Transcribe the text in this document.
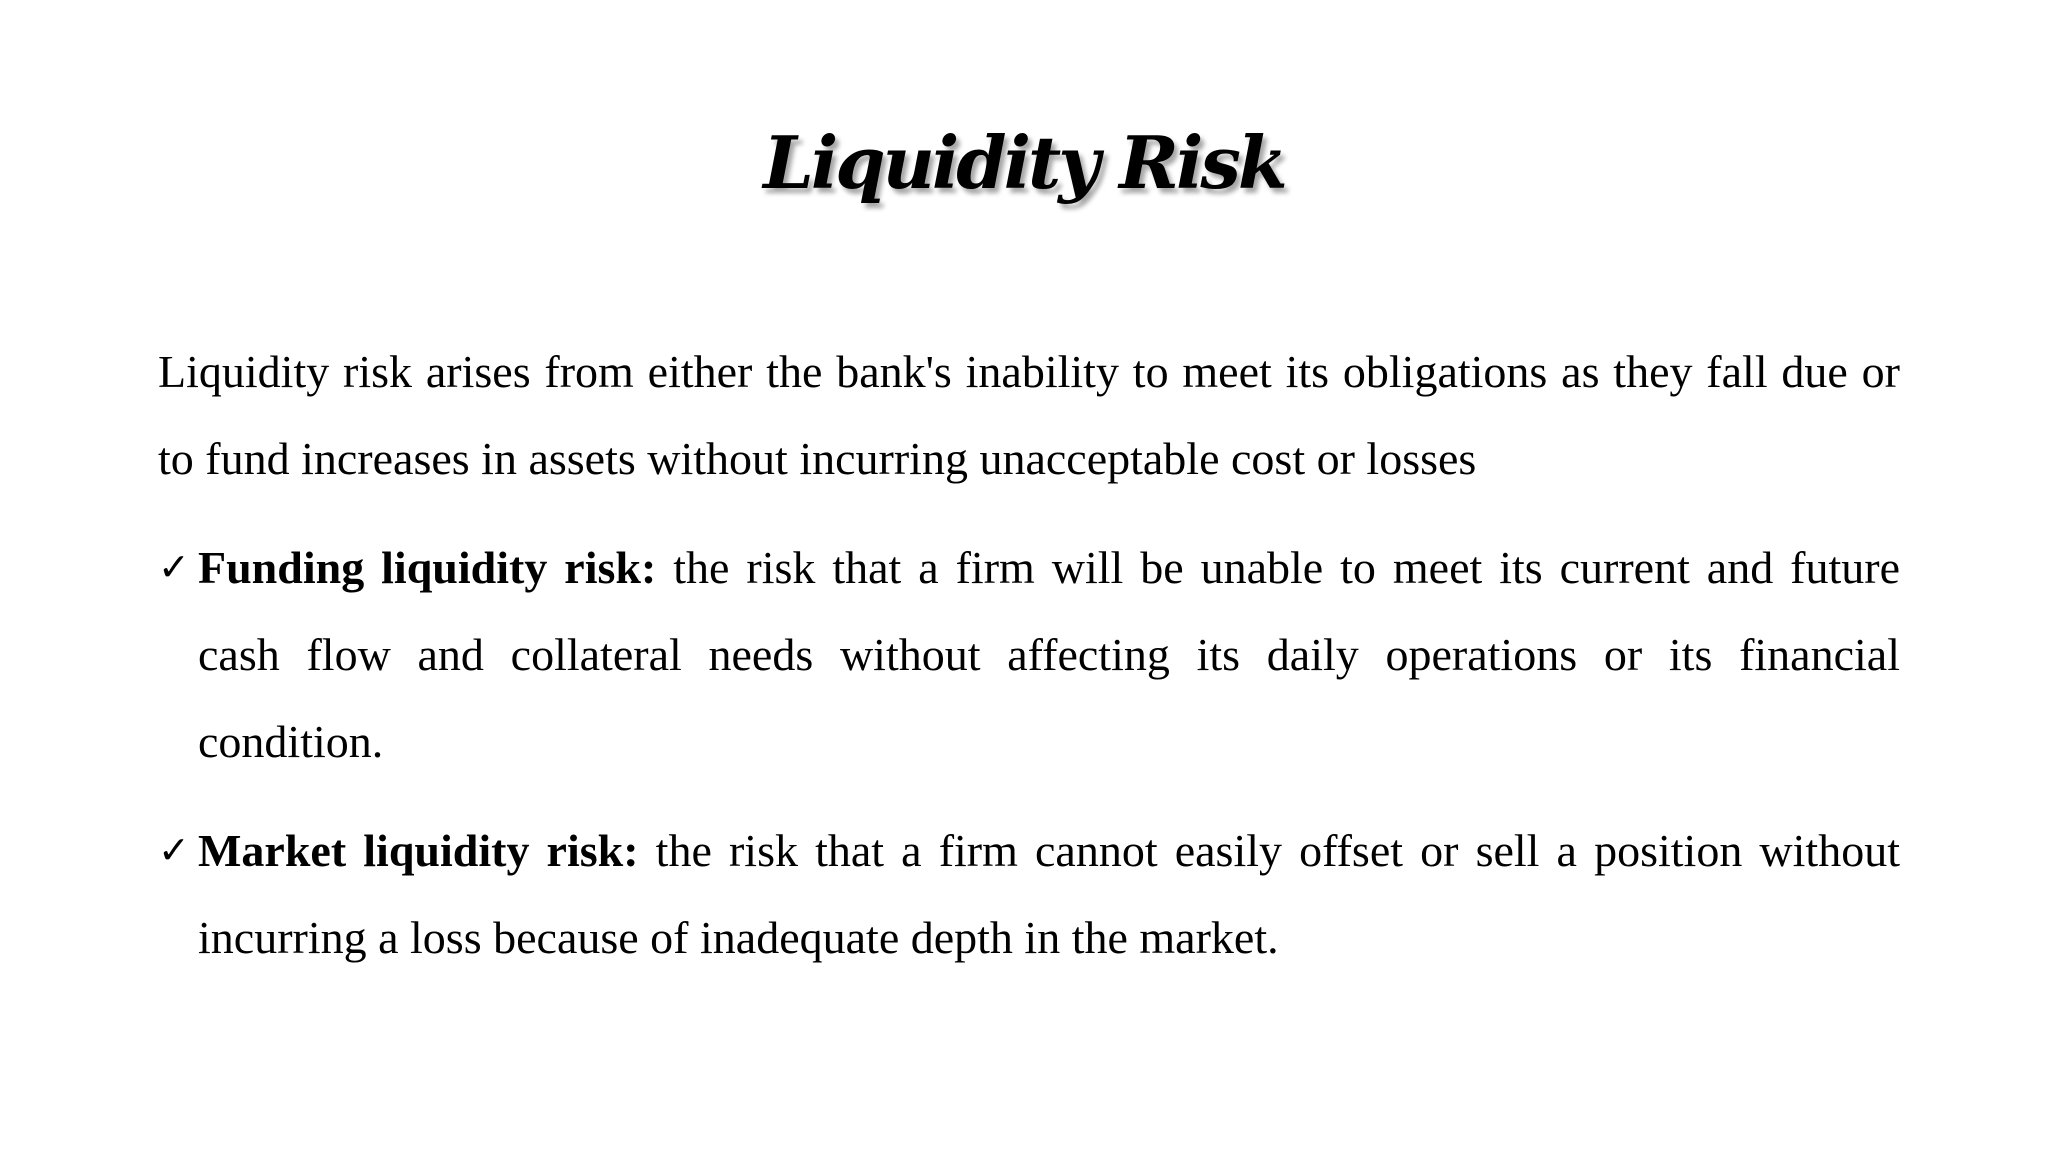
Liquidity Risk

Liquidity risk arises from either the bank's inability to meet its obligations as they fall due or to fund increases in assets without incurring unacceptable cost or losses

✓ Funding liquidity risk: the risk that a firm will be unable to meet its current and future cash flow and collateral needs without affecting its daily operations or its financial condition.

✓ Market liquidity risk: the risk that a firm cannot easily offset or sell a position without incurring a loss because of inadequate depth in the market.
